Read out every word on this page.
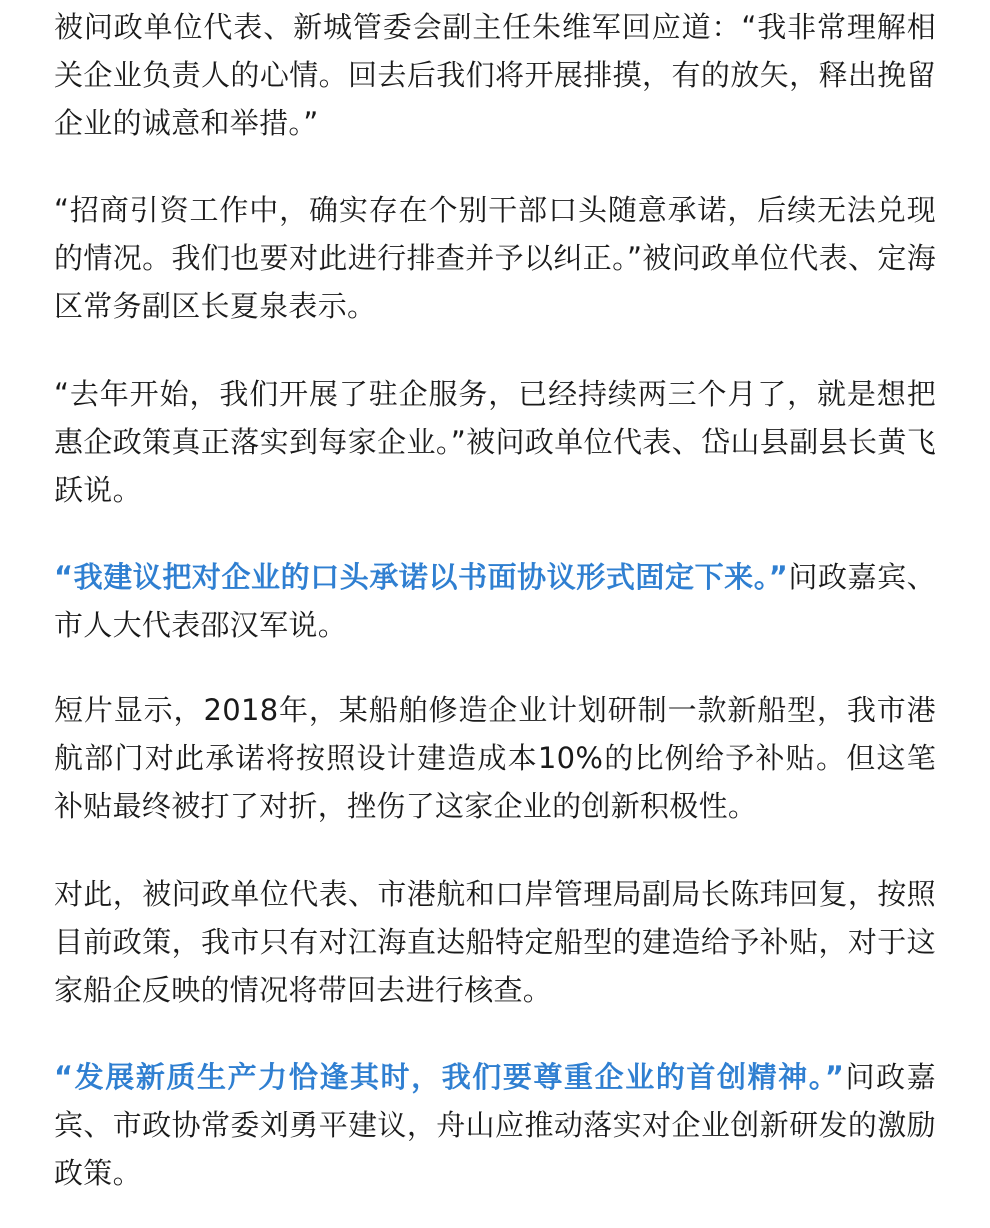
被问政单位代表、新城管委会副主任朱维军回应道：“我非常理解相关企业负责人的心情。回去后我们将开展排摸，有的放矢，释出挽留企业的诚意和举措。”

“招商引资工作中，确实存在个别干部口头随意承诺，后续无法兑现的情况。我们也要对此进行排查并予以纠正。”被问政单位代表、定海区常务副区长夏泉表示。

“去年开始，我们开展了驻企服务，已经持续两三个月了，就是想把惠企政策真正落实到每家企业。”被问政单位代表、岱山县副县长黄飞跃说。

“我建议把对企业的口头承诺以书面协议形式固定下来。”问政嘉宾、市人大代表邵汉军说。

短片显示，2018年，某船舶修造企业计划研制一款新船型，我市港航部门对此承诺将按照设计建造成本10%的比例给予补贴。但这笔补贴最终被打了对折，挫伤了这家企业的创新积极性。

对此，被问政单位代表、市港航和口岸管理局副局长陈玮回复，按照目前政策，我市只有对江海直达船特定船型的建造给予补贴，对于这家船企反映的情况将带回去进行核查。

“发展新质生产力恰逢其时，我们要尊重企业的首创精神。”问政嘉宾、市政协常委刘勇平建议，舟山应推动落实对企业创新研发的激励政策。
